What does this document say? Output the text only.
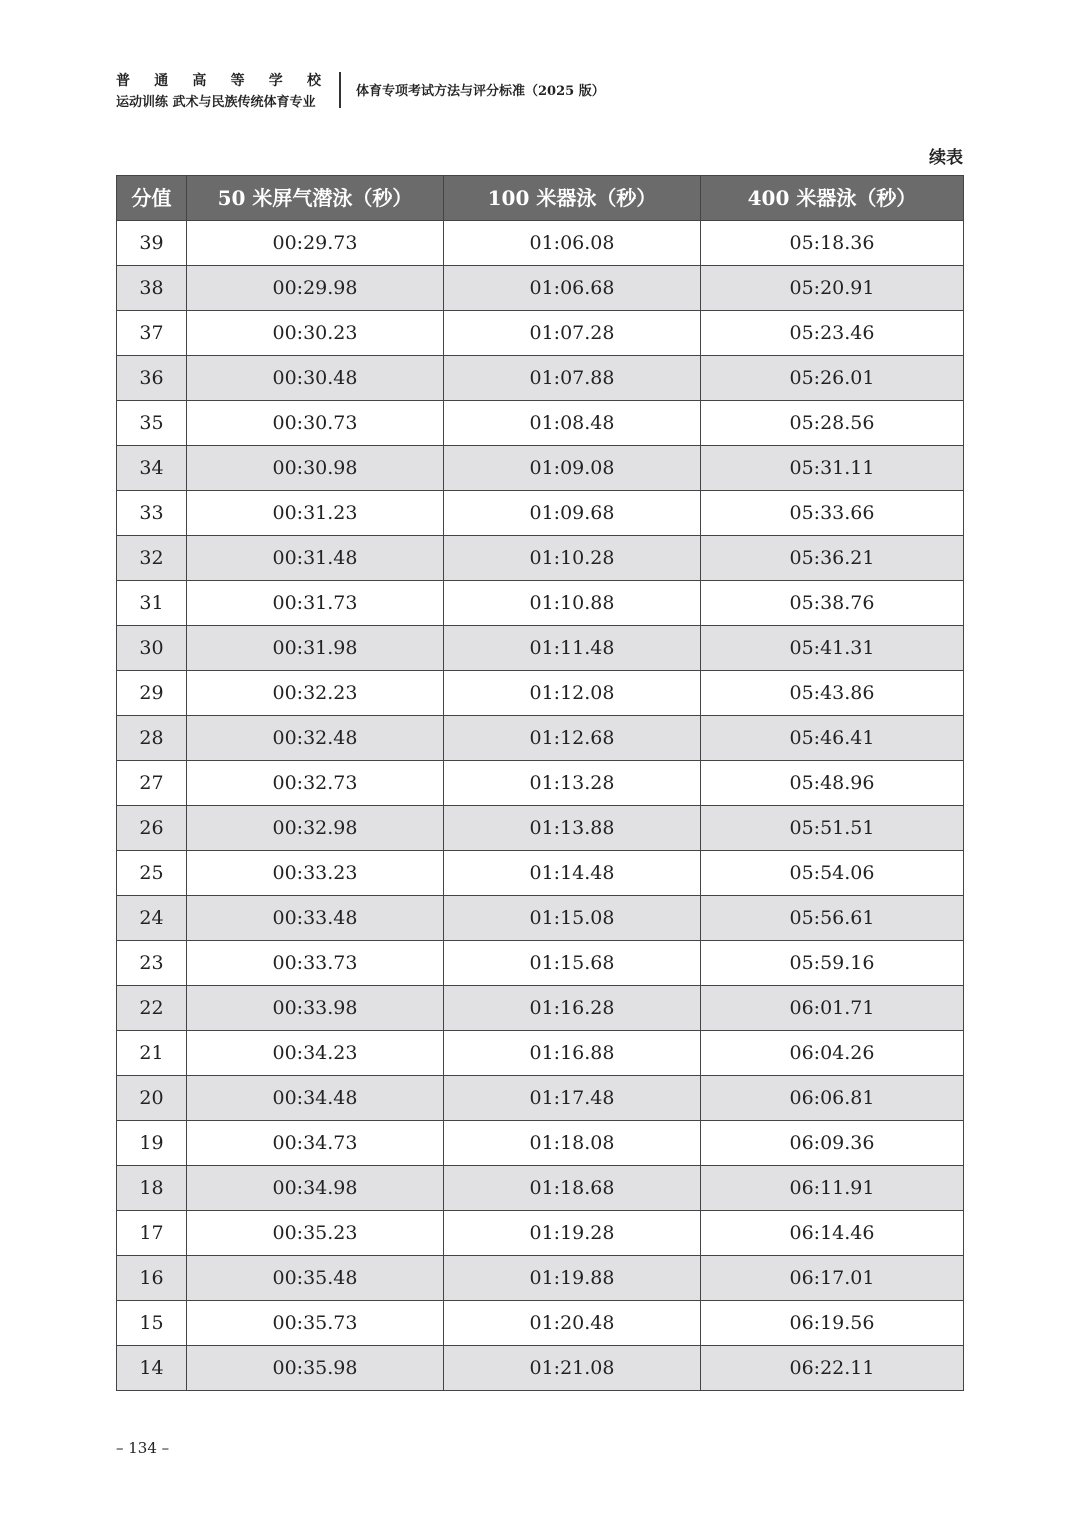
普 通 高 等 学 校
运动训练 武术与民族传统体育专业
体育专项考试方法与评分标准（2025 版）
续表
分值	50 米屏气潜泳（秒）	100 米器泳（秒）	400 米器泳（秒）
39	00:29.73	01:06.08	05:18.36
38	00:29.98	01:06.68	05:20.91
37	00:30.23	01:07.28	05:23.46
36	00:30.48	01:07.88	05:26.01
35	00:30.73	01:08.48	05:28.56
34	00:30.98	01:09.08	05:31.11
33	00:31.23	01:09.68	05:33.66
32	00:31.48	01:10.28	05:36.21
31	00:31.73	01:10.88	05:38.76
30	00:31.98	01:11.48	05:41.31
29	00:32.23	01:12.08	05:43.86
28	00:32.48	01:12.68	05:46.41
27	00:32.73	01:13.28	05:48.96
26	00:32.98	01:13.88	05:51.51
25	00:33.23	01:14.48	05:54.06
24	00:33.48	01:15.08	05:56.61
23	00:33.73	01:15.68	05:59.16
22	00:33.98	01:16.28	06:01.71
21	00:34.23	01:16.88	06:04.26
20	00:34.48	01:17.48	06:06.81
19	00:34.73	01:18.08	06:09.36
18	00:34.98	01:18.68	06:11.91
17	00:35.23	01:19.28	06:14.46
16	00:35.48	01:19.88	06:17.01
15	00:35.73	01:20.48	06:19.56
14	00:35.98	01:21.08	06:22.11
– 134 –
